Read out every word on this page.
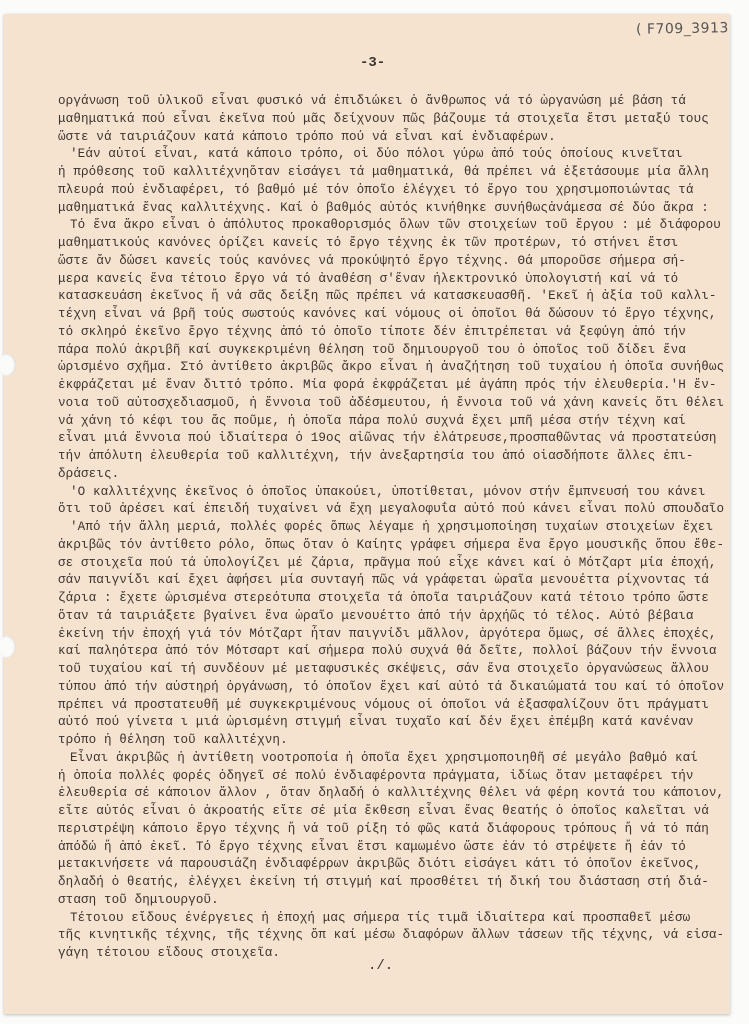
( F709_3913
-3-
οργάνωση τοῦ ὑλικοῦ εἶναι φυσικό νά ἐπιδιώκει ὁ ἄνθρωπος νά τό ὠργανώση μέ βάση τά
μαθηματικά πού εἶναι ἐκεῖνα πού μᾶς δείχνουν πῶς βάζουμε τά στοιχεῖα ἔτσι μεταξύ τους
ὥστε νά ταιριάζουν κατά κάποιο τρόπο πού νά εἶναι καί ἐνδιαφέρων.
'Εάν αὐτοί εἶναι, κατά κάποιο τρόπο, οἱ δύο πόλοι γύρω ἀπό τούς ὁποίους κινεῖται
ἡ πρόθεσης τοῦ καλλιτέχνηὅταν εἰσάγει τά μαθηματικά, θά πρέπει νά ἐξετάσουμε μία ἄλλη
πλευρά πού ἐνδιαφέρει, τό βαθμό μέ τόν ὁποῖο ἐλέγχει τό ἔργο του χρησιμοποιώντας τά
μαθηματικά ἕνας καλλιτέχνης. Καί ὁ βαθμός αὐτός κινήθηκε συνήθωςἀνάμεσα σέ δύο ἄκρα :
Τό ἕνα ἄκρο εἶναι ὁ ἀπόλυτος προκαθορισμός ὅλων τῶν στοιχείων τοῦ ἔργου : μέ διάφορου
μαθηματικούς κανόνες ὁρίζει κανείς τό ἔργο τέχνης ἐκ τῶν προτέρων, τό στήνει ἔτσι
ὥστε ἄν δώσει κανείς τούς κανόνες νά προκύψητό ἔργο τέχνης. Θά μποροῦσε σήμερα σή-
μερα κανείς ἕνα τέτοιο ἔργο νά τό ἀναθέση σ'ἕναν ἠλεκτρονικό ὑπολογιστή καί νά τό
κατασκευάση ἐκεῖνος ἤ νά σᾶς δείξη πῶς πρέπει νά κατασκευασθῆ. 'Εκεῖ ἡ ἀξία τοῦ καλλι-
τέχνη εἶναι νά βρῆ τούς σωστούς κανόνες καί νόμους οἱ ὁποῖοι θά δώσουν τό ἔργο τέχνης,
τό σκληρό ἐκεῖνο ἔργο τέχνης ἀπό τό ὁποῖο τίποτε δέν ἐπιτρέπεται νά ξεφύγη ἀπό τήν
πάρα πολύ ἀκριβῆ καί συγκεκριμένη θέληση τοῦ δημιουργοῦ του ὁ ὁποῖος τοῦ δίδει ἕνα
ὡρισμένο σχῆμα. Στό ἀντίθετο ἀκριβῶς ἄκρο εἶναι ἡ ἀναζήτηση τοῦ τυχαίου ἡ ὁποῖα συνήθως
ἐκφράζεται μέ ἕναν διττό τρόπο. Μία φορά ἐκφράζεται μέ ἀγάπη πρός τήν ἐλευθερία.'Η ἔν-
νοια τοῦ αὐτοσχεδιασμοῦ, ἡ ἔννοια τοῦ ἀδέσμευτου, ἡ ἔννοια τοῦ νά χάνη κανείς ὅτι θέλει
νά χάνη τό κέφι του ἄς ποῦμε, ἡ ὁποῖα πάρα πολύ συχνά ἔχει μπῆ μέσα στήν τέχνη καί
εἶναι μιά ἔννοια πού ἰδιαίτερα ὁ 19ος αἰῶνας τήν ἐλάτρευσε,προσπαθῶντας νά προστατεύση
τήν ἀπόλυτη ἐλευθερία τοῦ καλλιτέχνη, τήν ἀνεξαρτησία του ἀπό οἱασδήποτε ἄλλες ἐπι-
δράσεις.
'Ο καλλιτέχνης ἐκεῖνος ὁ ὁποῖος ὑπακούει, ὑποτίθεται, μόνον στήν ἔμπνευσή του κάνει
ὅτι τοῦ ἀρέσει καί ἐπειδή τυχαίνει νά ἔχη μεγαλοφυΐα αὐτό πού κάνει εἶναι πολύ σπουδαῖο
'Από τήν ἄλλη μεριά, πολλές φορές ὅπως λέγαμε ἡ χρησιμοποίηση τυχαίων στοιχείων ἔχει
ἀκριβῶς τόν ἀντίθετο ρόλο, ὅπως ὅταν ὁ Καίητς γράφει σήμερα ἕνα ἔργο μουσικῆς ὅπου ἔθε-
σε στοιχεῖα πού τά ὑπολογίζει μέ ζάρια, πρᾶγμα πού εἶχε κάνει καί ὁ Μότζαρτ μία ἐποχή,
σάν παιγνίδι καί ἔχει ἀφήσει μία συνταγή πῶς νά γράφεται ὡραῖα μενουέττα ρίχνοντας τά
ζάρια : ἔχετε ὡρισμένα στερεότυπα στοιχεῖα τά ὁποῖα ταιριάζουν κατά τέτοιο τρόπο ὥστε
ὅταν τά ταιριάξετε βγαίνει ἕνα ὡραῖο μενουέττο ἀπό τήν ἀρχήῶς τό τέλος. Αὐτό βέβαια
ἐκείνη τήν ἐποχή γιά τόν Μότζαρτ ἦταν παιγνίδι μᾶλλον, ἀργότερα ὅμως, σέ ἄλλες ἐποχές,
καί παληότερα ἀπό τόν Μότσαρτ καί σήμερα πολύ συχνά θά δεῖτε, πολλοί βάζουν τήν ἔννοια
τοῦ τυχαίου καί τή συνδέουν μέ μεταφυσικές σκέψεις, σάν ἕνα στοιχεῖο ὀργανώσεως ἄλλου
τύπου ἀπό τήν αὐστηρή ὀργάνωση, τό ὁποῖον ἔχει καί αὐτό τά δικαιώματά του καί τό ὁποῖον
πρέπει νά προστατευθῆ μέ συγκεκριμένους νόμους οἱ ὁποῖοι νά ἐξασφαλίζουν ὅτι πράγματι
αὐτό πού γίνετα ι μιά ὡρισμένη στιγμή εἶναι τυχαῖο καί δέν ἔχει ἐπέμβη κατά κανέναν
τρόπο ἡ θέληση τοῦ καλλιτέχνη.
Εἶναι ἀκριβῶς ἡ ἀντίθετη νοοτροποία ἡ ὁποῖα ἔχει χρησιμοποιηθῆ σέ μεγάλο βαθμό καί
ἡ ὁποία πολλές φορές ὁδηγεῖ σέ πολύ ἐνδιαφέροντα πράγματα, ἰδίως ὅταν μεταφέρει τήν
ἐλευθερία σέ κάποιον ἄλλον , ὅταν δηλαδή ὁ καλλιτέχνης θέλει νά φέρη κοντά του κάποιον,
εἴτε αὐτός εἶναι ὁ ἀκροατής εἴτε σέ μία ἔκθεση εἶναι ἕνας θεατής ὁ ὁποῖος καλεῖται νά
περιστρέψη κάποιο ἔργο τέχνης ἤ νά τοῦ ρίξη τό φῶς κατά διάφορους τρόπους ἤ νά τό πάη
ἀπόδώ ἤ ἀπό ἐκεῖ. Τό ἔργο τέχνης εἶναι ἔτσι καμωμένο ὥστε ἐάν τό στρέψετε ἤ ἐάν τό
μετακινήσετε νά παρουσιάζη ἐνδιαφέρρων ἀκριβῶς διότι εἰσάγει κάτι τό ὁποῖον ἐκεῖνος,
δηλαδή ὁ θεατής, ἐλέγχει ἐκείνη τή στιγμή καί προσθέτει τή δική του διάσταση στή διά-
σταση τοῦ δημιουργοῦ.
Τέτοιου εἴδους ἐνέργειες ἡ ἐποχή μας σήμερα τίς τιμᾶ ἰδιαίτερα καί προσπαθεῖ μέσω
τῆς κινητικῆς τέχνης, τῆς τέχνης ὄπ καί μέσω διαφόρων ἄλλων τάσεων τῆς τέχνης, νά εἰσα-
γάγη τέτοιου εἴδους στοιχεῖα.
./.
